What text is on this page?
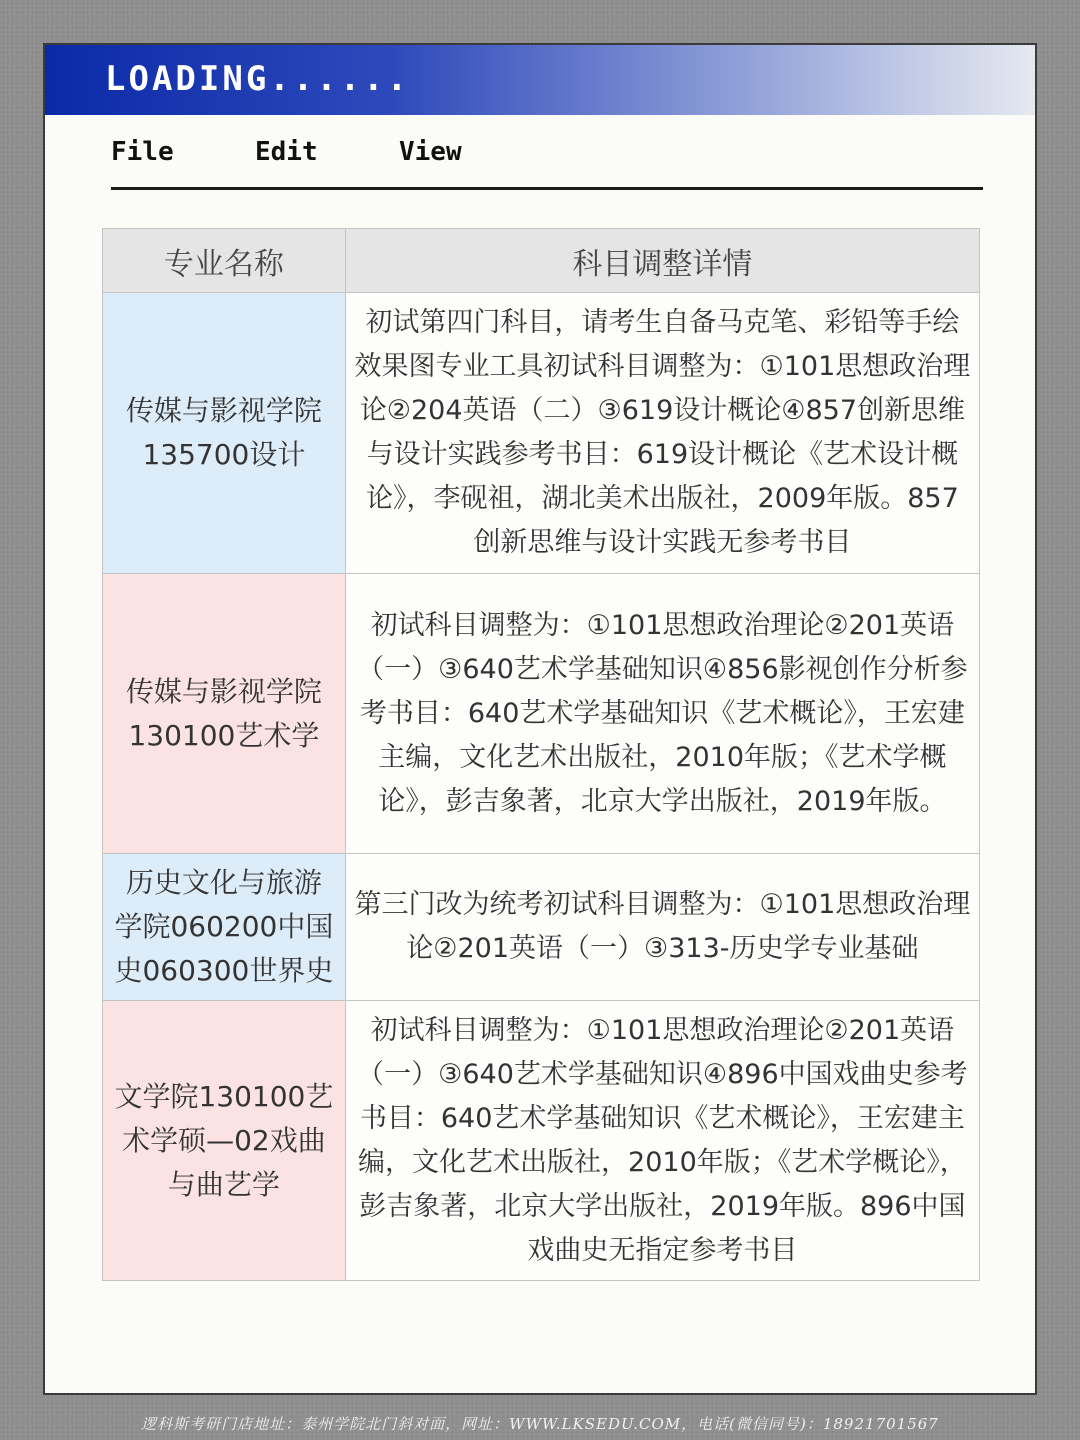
LOADING......
File	Edit	View
专业名称	科目调整详情
传媒与影视学院135700设计	初试第四门科目，请考生自备马克笔、彩铅等手绘效果图专业工具初试科目调整为：①101思想政治理论②204英语（二）③619设计概论④857创新思维与设计实践参考书目：619设计概论《艺术设计概论》，李砚祖，湖北美术出版社，2009年版。857创新思维与设计实践无参考书目
传媒与影视学院130100艺术学	初试科目调整为：①101思想政治理论②201英语（一）③640艺术学基础知识④856影视创作分析参考书目：640艺术学基础知识《艺术概论》，王宏建主编，文化艺术出版社，2010年版；《艺术学概论》，彭吉象著，北京大学出版社，2019年版。
历史文化与旅游学院060200中国史060300世界史	第三门改为统考初试科目调整为：①101思想政治理论②201英语（一）③313-历史学专业基础
文学院130100艺术学硕—02戏曲与曲艺学	初试科目调整为：①101思想政治理论②201英语（一）③640艺术学基础知识④896中国戏曲史参考书目：640艺术学基础知识《艺术概论》，王宏建主编，文化艺术出版社，2010年版；《艺术学概论》，彭吉象著，北京大学出版社，2019年版。896中国戏曲史无指定参考书目
逻科斯考研门店地址：泰州学院北门斜对面，网址：WWW.LKSEDU.COM，电话(微信同号)：18921701567
